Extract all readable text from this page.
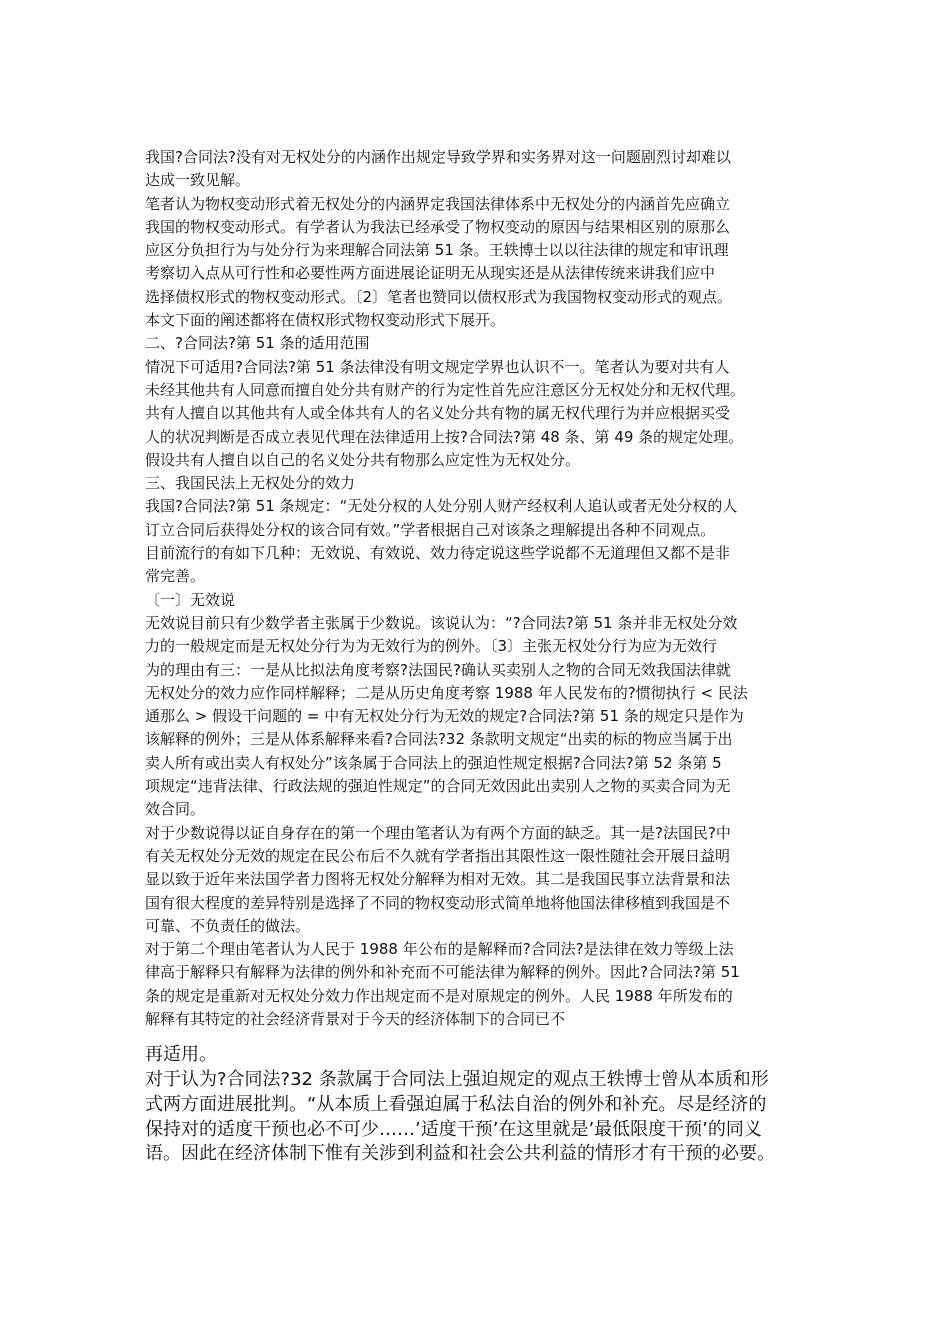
我国?合同法?没有对无权处分的内涵作出规定导致学界和实务界对这一问题剧烈讨却难以

达成一致见解。

笔者认为物权变动形式着无权处分的内涵界定我国法律体系中无权处分的内涵首先应确立

我国的物权变动形式。有学者认为我法已经承受了物权变动的原因与结果相区别的原那么

应区分负担行为与处分行为来理解合同法第 51 条。王轶博士以以往法律的规定和审讯理

考察切入点从可行性和必要性两方面进展论证明无从现实还是从法律传统来讲我们应中

选择债权形式的物权变动形式。〔2〕笔者也赞同以债权形式为我国物权变动形式的观点。

本文下面的阐述都将在债权形式物权变动形式下展开。

二、?合同法?第 51 条的适用范围

情况下可适用?合同法?第 51 条法律没有明文规定学界也认识不一。笔者认为要对共有人

未经其他共有人同意而擅自处分共有财产的行为定性首先应注意区分无权处分和无权代理。

共有人擅自以其他共有人或全体共有人的名义处分共有物的属无权代理行为并应根据买受

人的状况判断是否成立表见代理在法律适用上按?合同法?第 48 条、第 49 条的规定处理。

假设共有人擅自以自己的名义处分共有物那么应定性为无权处分。

三、我国民法上无权处分的效力

我国?合同法?第 51 条规定：“无处分权的人处分别人财产经权利人追认或者无处分权的人

订立合同后获得处分权的该合同有效。”学者根据自己对该条之理解提出各种不同观点。

目前流行的有如下几种：无效说、有效说、效力待定说这些学说都不无道理但又都不是非

常完善。

〔一〕无效说

无效说目前只有少数学者主张属于少数说。该说认为：“?合同法?第 51 条并非无权处分效

力的一般规定而是无权处分行为为无效行为的例外。〔3〕主张无权处分行为应为无效行

为的理由有三：一是从比拟法角度考察?法国民?确认买卖别人之物的合同无效我国法律就

无权处分的效力应作同样解释；二是从历史角度考察 1988 年人民发布的?惯彻执行 < 民法

通那么 > 假设干问题的 = 中有无权处分行为无效的规定?合同法?第 51 条的规定只是作为

该解释的例外；三是从体系解释来看?合同法?32 条款明文规定“出卖的标的物应当属于出

卖人所有或出卖人有权处分”该条属于合同法上的强迫性规定根据?合同法?第 52 条第 5

项规定“违背法律、行政法规的强迫性规定”的合同无效因此出卖别人之物的买卖合同为无

效合同。

对于少数说得以证自身存在的第一个理由笔者认为有两个方面的缺乏。其一是?法国民?中

有关无权处分无效的规定在民公布后不久就有学者指出其限性这一限性随社会开展日益明

显以致于近年来法国学者力图将无权处分解释为相对无效。其二是我国民事立法背景和法

国有很大程度的差异特别是选择了不同的物权变动形式简单地将他国法律移植到我国是不

可靠、不负责任的做法。

对于第二个理由笔者认为人民于 1988 年公布的是解释而?合同法?是法律在效力等级上法

律高于解释只有解释为法律的例外和补充而不可能法律为解释的例外。因此?合同法?第 51

条的规定是重新对无权处分效力作出规定而不是对原规定的例外。人民 1988 年所发布的

解释有其特定的社会经济背景对于今天的经济体制下的合同已不

再适用。

对于认为?合同法?32 条款属于合同法上强迫规定的观点王轶博士曾从本质和形

式两方面进展批判。“从本质上看强迫属于私法自治的例外和补充。尽是经济的

保持对的适度干预也必不可少……’适度干预’在这里就是’最低限度干预’的同义

语。因此在经济体制下惟有关涉到利益和社会公共利益的情形才有干预的必要。
